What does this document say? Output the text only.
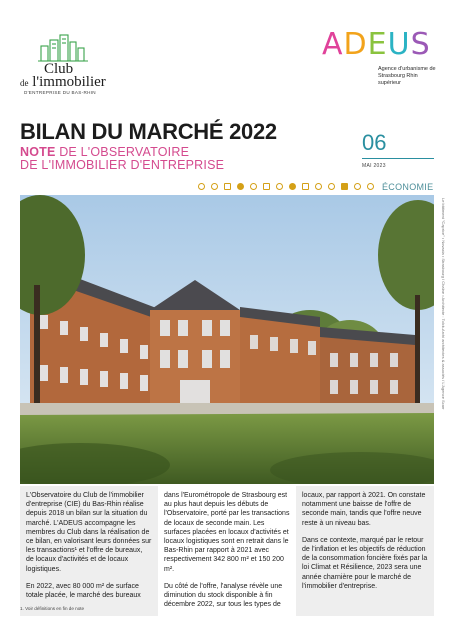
Club
de l'immobilier
D'ENTREPRISE DU BAS-RHIN
ADEUS
Agence d'urbanisme de Strasbourg Rhin supérieur
BILAN DU MARCHÉ 2022
NOTE DE L'OBSERVATOIRE
DE L'IMMOBILIER D'ENTREPRISE
06
MAI 2023
ÉCONOMIE
Le bâtiment "Caprice" • Novaxia • Strasbourg / Chaîne • Architecte : Tolck-Archi architectes & associés / L'Agence Scarr

L'Observatoire du Club de l'immobilier d'entreprise (CIE) du Bas-Rhin réalise depuis 2018 un bilan sur la situation du marché. L'ADEUS accompagne les membres du Club dans la réalisation de ce bilan, en valorisant leurs données sur les transactions¹ et l'offre de bureaux, de locaux d'activités et de locaux logistiques.

En 2022, avec 80 000 m² de surface totale placée, le marché des bureaux

dans l'Eurométropole de Strasbourg est au plus haut depuis les débuts de l'Observatoire, porté par les transactions de locaux de seconde main. Les surfaces placées en locaux d'activités et locaux logistiques sont en retrait dans le Bas-Rhin par rapport à 2021 avec respectivement 342 800 m² et 150 200 m².

Du côté de l'offre, l'analyse révèle une diminution du stock disponible à fin décembre 2022, sur tous les types de

locaux, par rapport à 2021. On constate notamment une baisse de l'offre de seconde main, tandis que l'offre neuve reste à un niveau bas.

Dans ce contexte, marqué par le retour de l'inflation et les objectifs de réduction de la consommation foncière fixés par la loi Climat et Résilience, 2023 sera une année charnière pour le marché de l'immobilier d'entreprise.

1. Voir définitions en fin de note
